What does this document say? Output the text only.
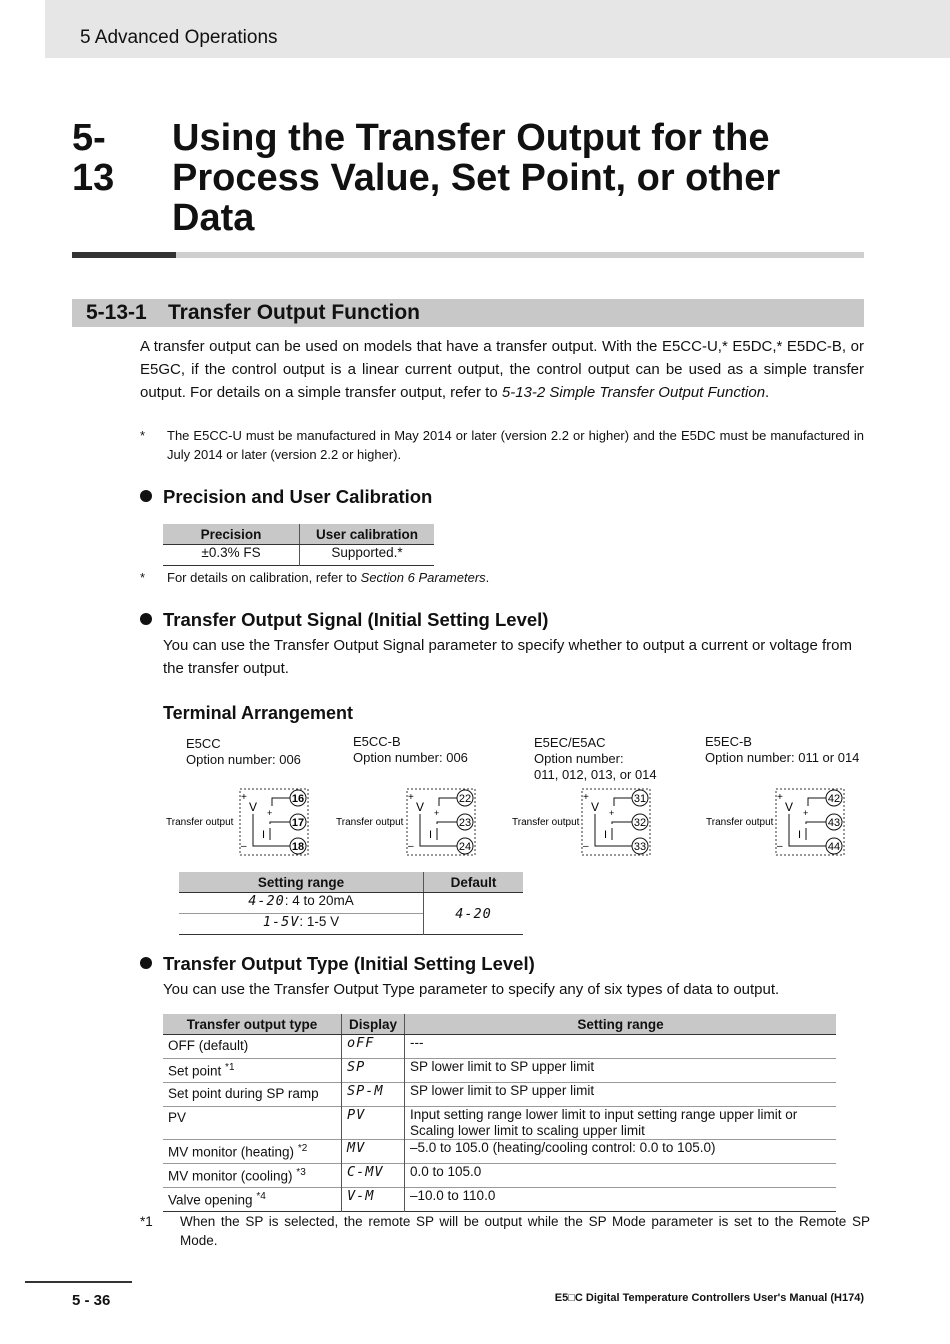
5 Advanced Operations
5-13
Using the Transfer Output for the Process Value, Set Point, or other Data
5-13-1 Transfer Output Function
A transfer output can be used on models that have a transfer output. With the E5CC-U,* E5DC,* E5DC-B, or E5GC, if the control output is a linear current output, the control output can be used as a simple transfer output. For details on a simple transfer output, refer to 5-13-2 Simple Transfer Output Function.
* The E5CC-U must be manufactured in May 2014 or later (version 2.2 or higher) and the E5DC must be manufactured in July 2014 or later (version 2.2 or higher).
Precision and User Calibration
Precision	User calibration
±0.3% FS	Supported.*
* For details on calibration, refer to Section 6 Parameters.
Transfer Output Signal (Initial Setting Level)
You can use the Transfer Output Signal parameter to specify whether to output a current or voltage from the transfer output.
Terminal Arrangement
E5CC
Option number: 006
E5CC-B
Option number: 006
E5EC/E5AC
Option number:
011, 012, 013, or 014
E5EC-B
Option number: 011 or 014
+
–
V +
I
16
17
18
Transfer output
+
–
V +
I
22
23
24
Transfer output
+
–
V +
I
31
32
33
Transfer output
+
–
V +
I
42
43
44
Transfer output
Setting range	Default
4-20: 4 to 20mA	4-20
1-5V: 1-5 V	
Transfer Output Type (Initial Setting Level)
You can use the Transfer Output Type parameter to specify any of six types of data to output.
Transfer output type	Display	Setting range
OFF (default)	oFF	---

Set point $^{*1}$	SP	SP lower limit to SP upper limit

Set point during SP ramp	SP-M	SP lower limit to SP upper limit

PV	PV	Input setting range lower limit to input setting range upper limit or
Scaling lower limit to scaling upper limit

MV monitor (heating) $^{*2}$	MV	–5.0 to 105.0 (heating/cooling control: 0.0 to 105.0)

MV monitor (cooling) $^{*3}$	C-MV	0.0 to 105.0

Valve opening $^{*4}$	V-M	–10.0 to 110.0
*1 When the SP is selected, the remote SP will be output while the SP Mode parameter is set to the Remote SP Mode.
5 - 36	E5□C Digital Temperature Controllers User's Manual (H174)
